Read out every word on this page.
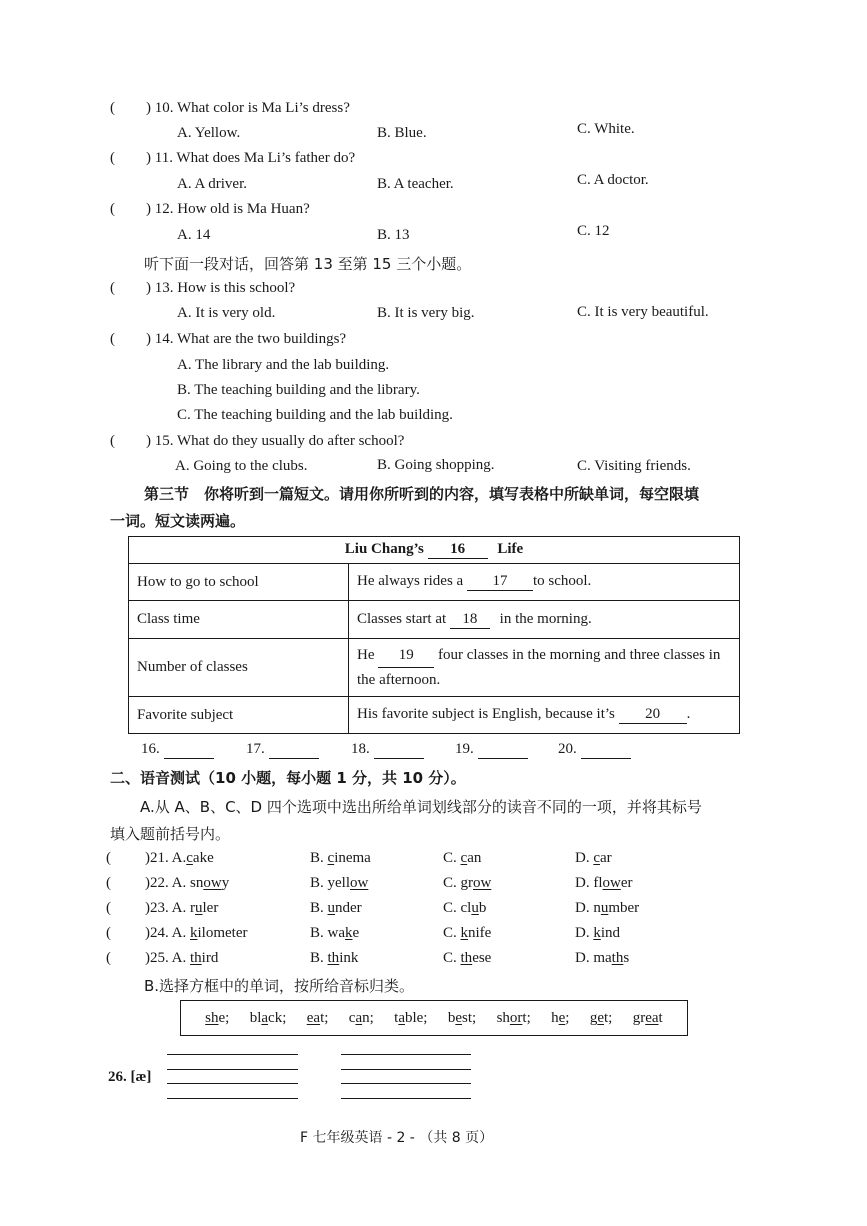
( ) 10. What color is Ma Li’s dress?
A. Yellow.	B. Blue.	C. White.
( ) 11. What does Ma Li’s father do?
A. A driver.	B. A teacher.	C. A doctor.
( ) 12. How old is Ma Huan?
A. 14	B. 13	C. 12
听下面一段对话，回答第 13 至第 15 三个小题。
( ) 13. How is this school?
A. It is very old.	B. It is very big.	C. It is very beautiful.
( ) 14. What are the two buildings?
A. The library and the lab building.
B. The teaching building and the library.
C. The teaching building and the lab building.
( ) 15. What do they usually do after school?
A. Going to the clubs.	B. Going shopping.	C. Visiting friends.
第三节　你将听到一篇短文。请用你所听到的内容，填写表格中所缺单词，每空限填
一词。短文读两遍。
Liu Chang’s 16 Life	
How to go to school	He always rides a 17 to school.
Class time	Classes start at 18 in the morning.
Number of classes	He 19 four classes in the morning and three classes in the afternoon.
Favorite subject	His favorite subject is English, because it’s 20 .
16.	17.	18.	19.	20.
二、语音测试（10 小题，每小题 1 分，共 10 分）。
A.从 A、B、C、D 四个选项中选出所给单词划线部分的读音不同的一项，并将其标号
填入题前括号内。
( )21. A.cake	B. cinema	C. can	D. car
( )22. A. snowy	B. yellow	C. grow	D. flower
( )23. A. ruler	B. under	C. club	D. number
( )24. A. kilometer	B. wake	C. knife	D. kind
( )25. A. third	B. think	C. these	D. maths
B.选择方框中的单词，按所给音标归类。
she; black; eat; can; table; best; short; he; get; great
26. [æ]
F 七年级英语 - 2 - （共 8 页）
